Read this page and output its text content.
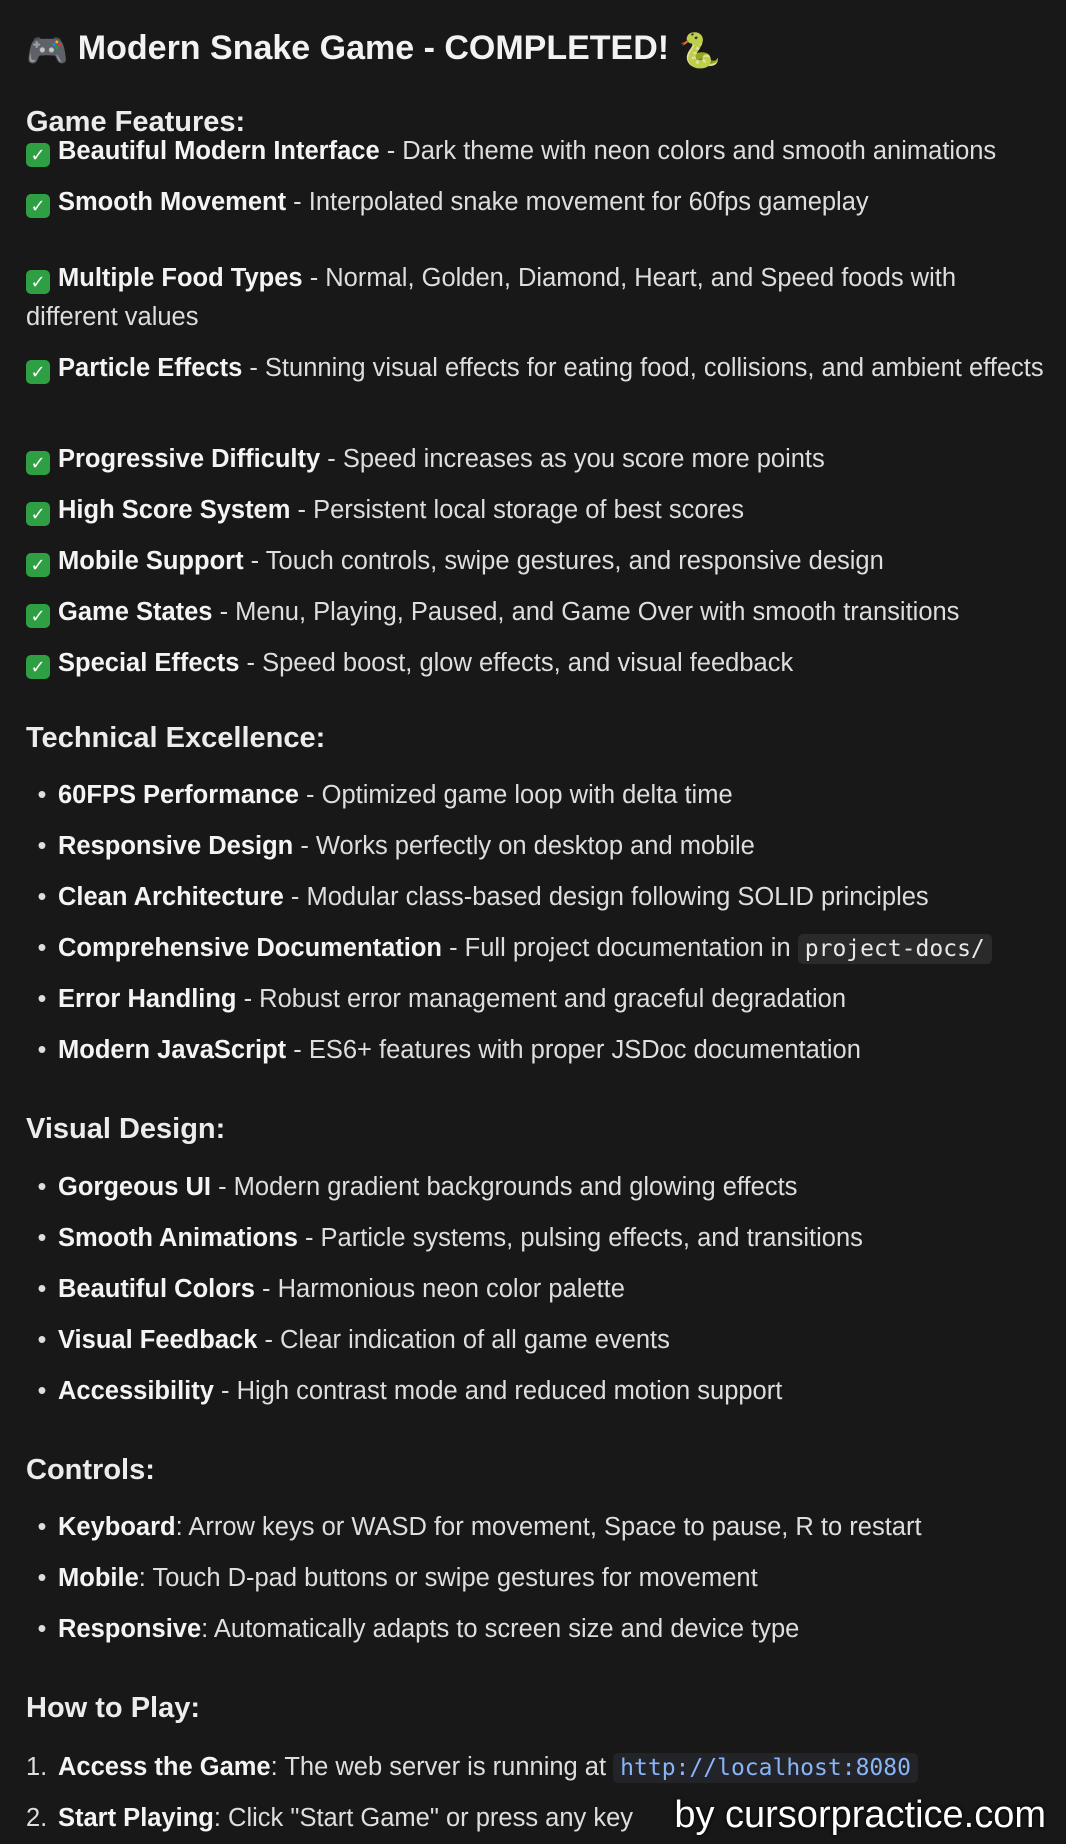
🎮 Modern Snake Game - COMPLETED! 🐍
Game Features:
✓ Beautiful Modern Interface - Dark theme with neon colors and smooth animations
✓ Smooth Movement - Interpolated snake movement for 60fps gameplay
✓ Multiple Food Types - Normal, Golden, Diamond, Heart, and Speed foods with different values
✓ Particle Effects - Stunning visual effects for eating food, collisions, and ambient effects
✓ Progressive Difficulty - Speed increases as you score more points
✓ High Score System - Persistent local storage of best scores
✓ Mobile Support - Touch controls, swipe gestures, and responsive design
✓ Game States - Menu, Playing, Paused, and Game Over with smooth transitions
✓ Special Effects - Speed boost, glow effects, and visual feedback
Technical Excellence:
• 60FPS Performance - Optimized game loop with delta time
• Responsive Design - Works perfectly on desktop and mobile
• Clean Architecture - Modular class-based design following SOLID principles
• Comprehensive Documentation - Full project documentation in project-docs/
• Error Handling - Robust error management and graceful degradation
• Modern JavaScript - ES6+ features with proper JSDoc documentation
Visual Design:
• Gorgeous UI - Modern gradient backgrounds and glowing effects
• Smooth Animations - Particle systems, pulsing effects, and transitions
• Beautiful Colors - Harmonious neon color palette
• Visual Feedback - Clear indication of all game events
• Accessibility - High contrast mode and reduced motion support
Controls:
• Keyboard: Arrow keys or WASD for movement, Space to pause, R to restart
• Mobile: Touch D-pad buttons or swipe gestures for movement
• Responsive: Automatically adapts to screen size and device type
How to Play:
1. Access the Game: The web server is running at http://localhost:8080
2. Start Playing: Click "Start Game" or press any key	by cursorpractice.com
